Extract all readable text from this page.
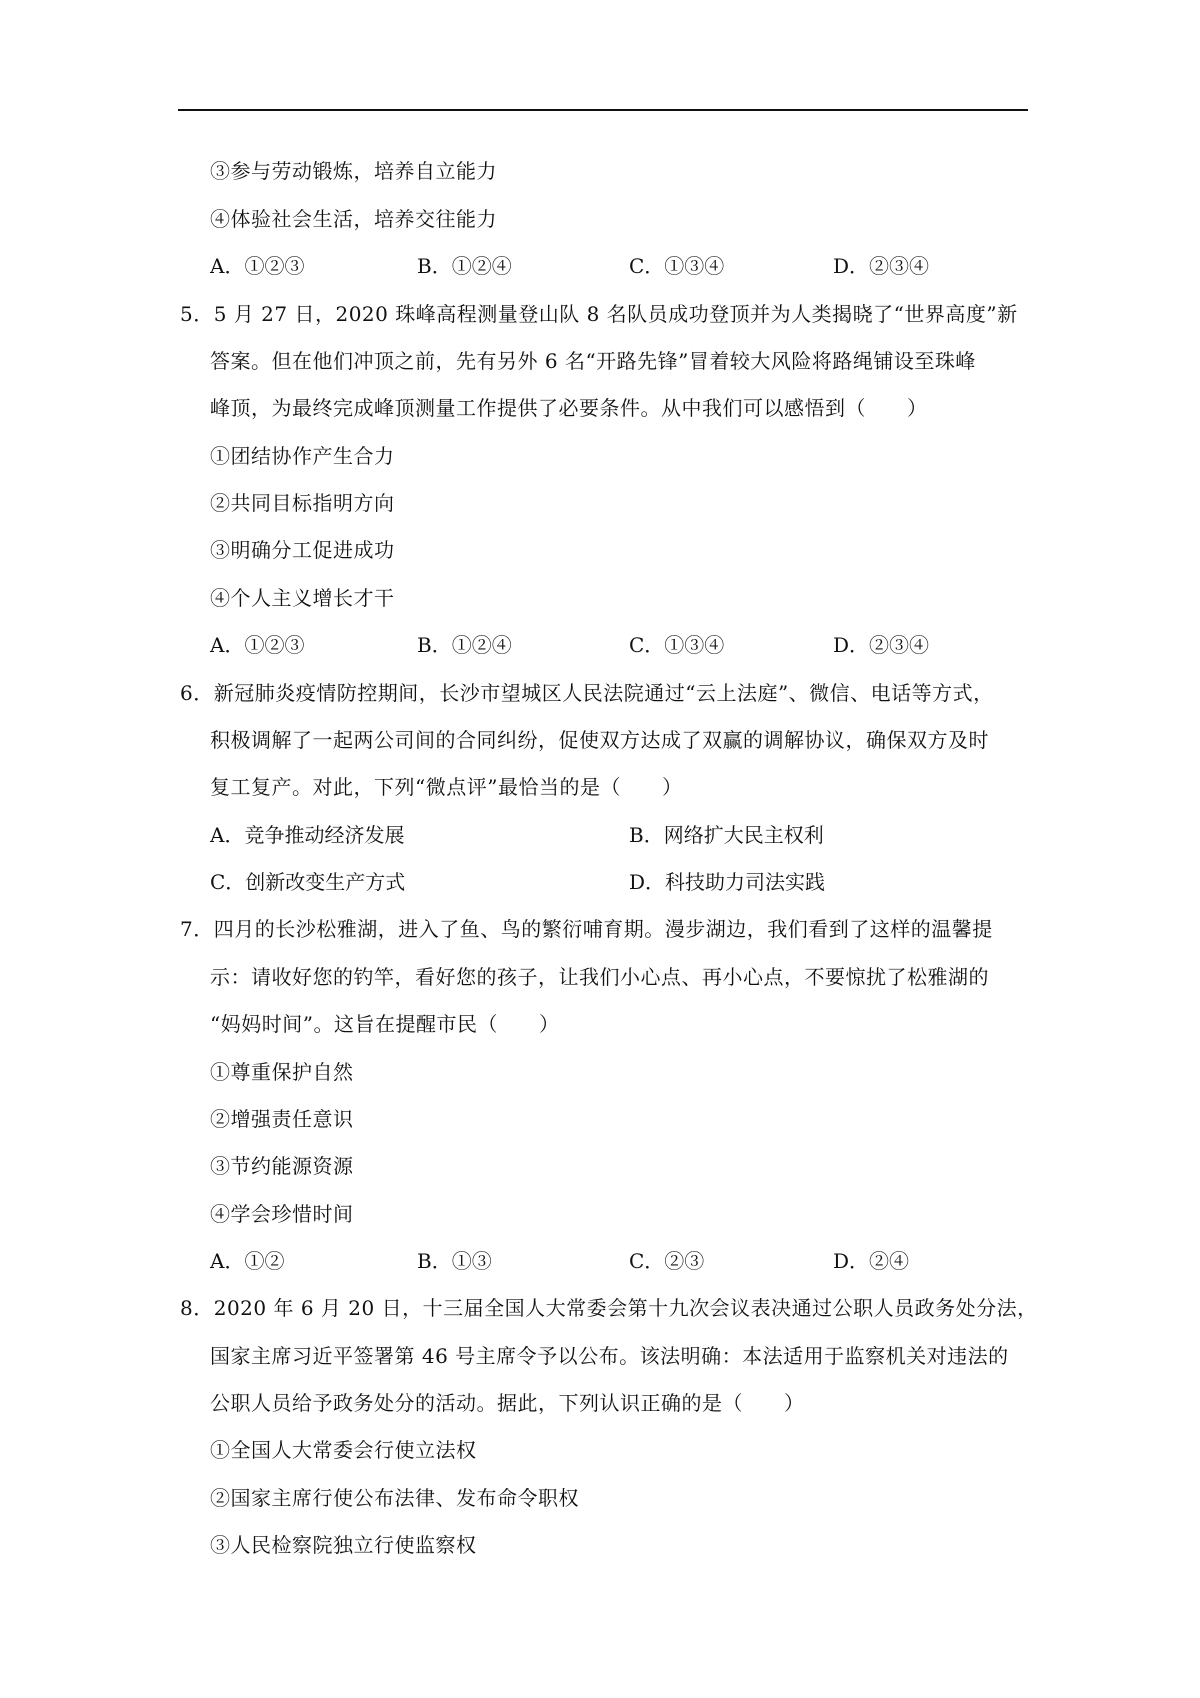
③参与劳动锻炼，培养自立能力
④体验社会生活，培养交往能力
A．①②③	B．①②④	C．①③④	D．②③④
5．5 月 27 日，2020 珠峰高程测量登山队 8 名队员成功登顶并为人类揭晓了“世界高度”新
答案。但在他们冲顶之前，先有另外 6 名“开路先锋”冒着较大风险将路绳铺设至珠峰
峰顶，为最终完成峰顶测量工作提供了必要条件。从中我们可以感悟到（　　）
①团结协作产生合力
②共同目标指明方向
③明确分工促进成功
④个人主义增长才干
A．①②③	B．①②④	C．①③④	D．②③④
6．新冠肺炎疫情防控期间，长沙市望城区人民法院通过“云上法庭”、微信、电话等方式，
积极调解了一起两公司间的合同纠纷，促使双方达成了双赢的调解协议，确保双方及时
复工复产。对此，下列“微点评”最恰当的是（　　）
A．竞争推动经济发展	B．网络扩大民主权利
C．创新改变生产方式	D．科技助力司法实践
7．四月的长沙松雅湖，进入了鱼、鸟的繁衍哺育期。漫步湖边，我们看到了这样的温馨提
示：请收好您的钓竿，看好您的孩子，让我们小心点、再小心点，不要惊扰了松雅湖的
“妈妈时间”。这旨在提醒市民（　　）
①尊重保护自然
②增强责任意识
③节约能源资源
④学会珍惜时间
A．①②	B．①③	C．②③	D．②④
8．2020 年 6 月 20 日，十三届全国人大常委会第十九次会议表决通过公职人员政务处分法，
国家主席习近平签署第 46 号主席令予以公布。该法明确：本法适用于监察机关对违法的
公职人员给予政务处分的活动。据此，下列认识正确的是（　　）
①全国人大常委会行使立法权
②国家主席行使公布法律、发布命令职权
③人民检察院独立行使监察权
